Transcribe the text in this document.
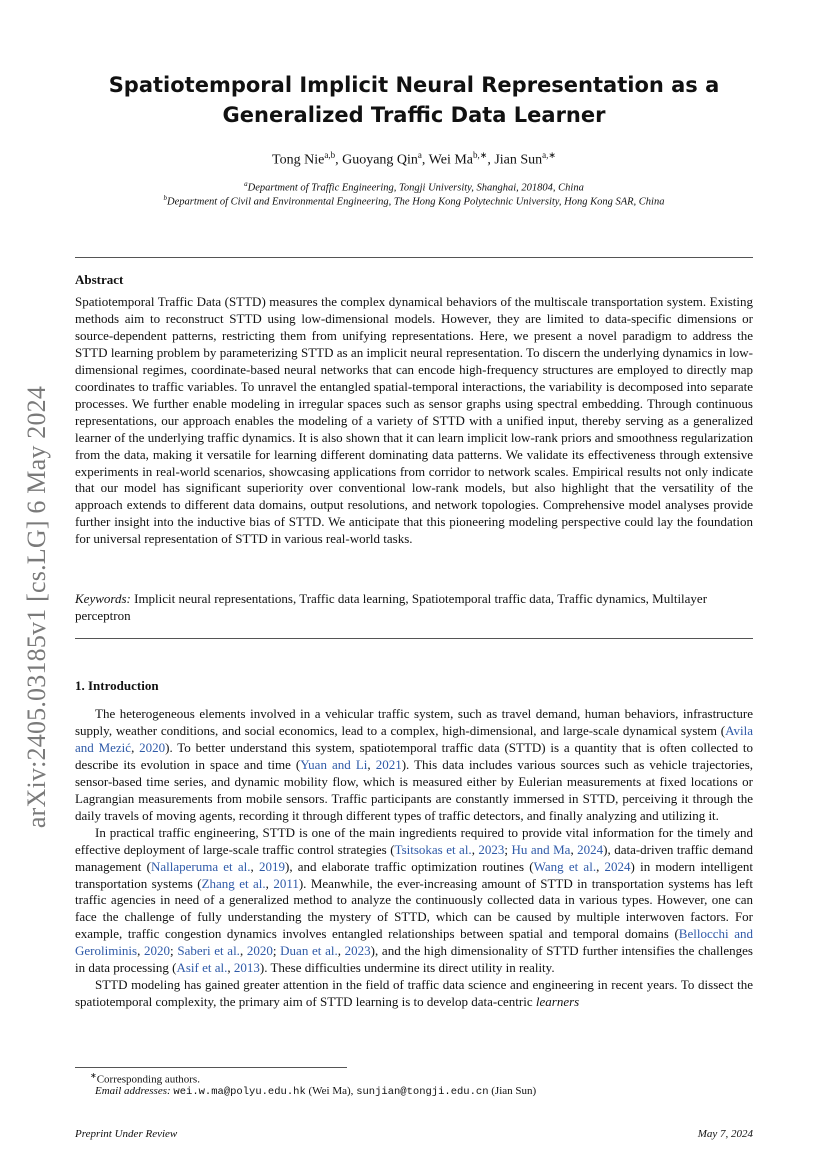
arXiv:2405.03185v1 [cs.LG] 6 May 2024
Spatiotemporal Implicit Neural Representation as a
Generalized Traffic Data Learner
Tong Nie$^{a,b}$, Guoyang Qin$^a$, Wei $Ma^{b,∗}$, Jian Sun$^{a,∗}$
$^a$Department of Traffic Engineering, Tongji University, Shanghai, 201804, China
$^b$Department of Civil and Environmental Engineering, The Hong Kong Polytechnic University, Hong Kong SAR, China
Abstract
Spatiotemporal Traffic Data (STTD) measures the complex dynamical behaviors of the multiscale transportation system. Existing methods aim to reconstruct STTD using low-dimensional models. However, they are limited to data-specific dimensions or source-dependent patterns, restricting them from unifying representations. Here, we present a novel paradigm to address the STTD learning problem by parameterizing STTD as an implicit neural representation. To discern the underlying dynamics in low-dimensional regimes, coordinate-based neural networks that can encode high-frequency structures are employed to directly map coordinates to traffic variables. To unravel the entangled spatial-temporal interactions, the variability is decomposed into separate processes. We further enable modeling in irregular spaces such as sensor graphs using spectral embedding. Through continuous representations, our approach enables the modeling of a variety of STTD with a unified input, thereby serving as a generalized learner of the underlying traffic dynamics. It is also shown that it can learn implicit low-rank priors and smoothness regularization from the data, making it versatile for learning different dominating data patterns. We validate its effectiveness through extensive experiments in real-world scenarios, showcasing applications from corridor to network scales. Empirical results not only indicate that our model has significant superiority over conventional low-rank models, but also highlight that the versatility of the approach extends to different data domains, output resolutions, and network topologies. Comprehensive model analyses provide further insight into the inductive bias of STTD. We anticipate that this pioneering modeling perspective could lay the foundation for universal representation of STTD in various real-world tasks.
Keywords: Implicit neural representations, Traffic data learning, Spatiotemporal traffic data, Traffic dynamics, Multilayer perceptron
1. Introduction

The heterogeneous elements involved in a vehicular traffic system, such as travel demand, human behaviors, infrastructure supply, weather conditions, and social economics, lead to a complex, high-dimensional, and large-scale dynamical system (Avila and Mezić, 2020). To better understand this system, spatiotemporal traffic data (STTD) is a quantity that is often collected to describe its evolution in space and time (Yuan and Li, 2021). This data includes various sources such as vehicle trajectories, sensor-based time series, and dynamic mobility flow, which is measured either by Eulerian measurements at fixed locations or Lagrangian measurements from mobile sensors. Traffic participants are constantly immersed in STTD, perceiving it through the daily travels of moving agents, recording it through different types of traffic detectors, and finally analyzing and utilizing it.

In practical traffic engineering, STTD is one of the main ingredients required to provide vital information for the timely and effective deployment of large-scale traffic control strategies (Tsitsokas et al., 2023; Hu and Ma, 2024), data-driven traffic demand management (Nallaperuma et al., 2019), and elaborate traffic optimization routines (Wang et al., 2024) in modern intelligent transportation systems (Zhang et al., 2011). Meanwhile, the ever-increasing amount of STTD in transportation systems has left traffic agencies in need of a generalized method to analyze the continuously collected data in various types. However, one can face the challenge of fully understanding the mystery of STTD, which can be caused by multiple interwoven factors. For example, traffic congestion dynamics involves entangled relationships between spatial and temporal domains (Bellocchi and Geroliminis, 2020; Saberi et al., 2020; Duan et al., 2023), and the high dimensionality of STTD further intensifies the challenges in data processing (Asif et al., 2013). These difficulties undermine its direct utility in reality.

STTD modeling has gained greater attention in the field of traffic data science and engineering in recent years. To dissect the spatiotemporal complexity, the primary aim of STTD learning is to develop data-centric learners

∗Corresponding authors.
Email addresses: wei.w.ma@polyu.edu.hk (Wei Ma), sunjian@tongji.edu.cn (Jian Sun)
Preprint Under Review	May 7, 2024
